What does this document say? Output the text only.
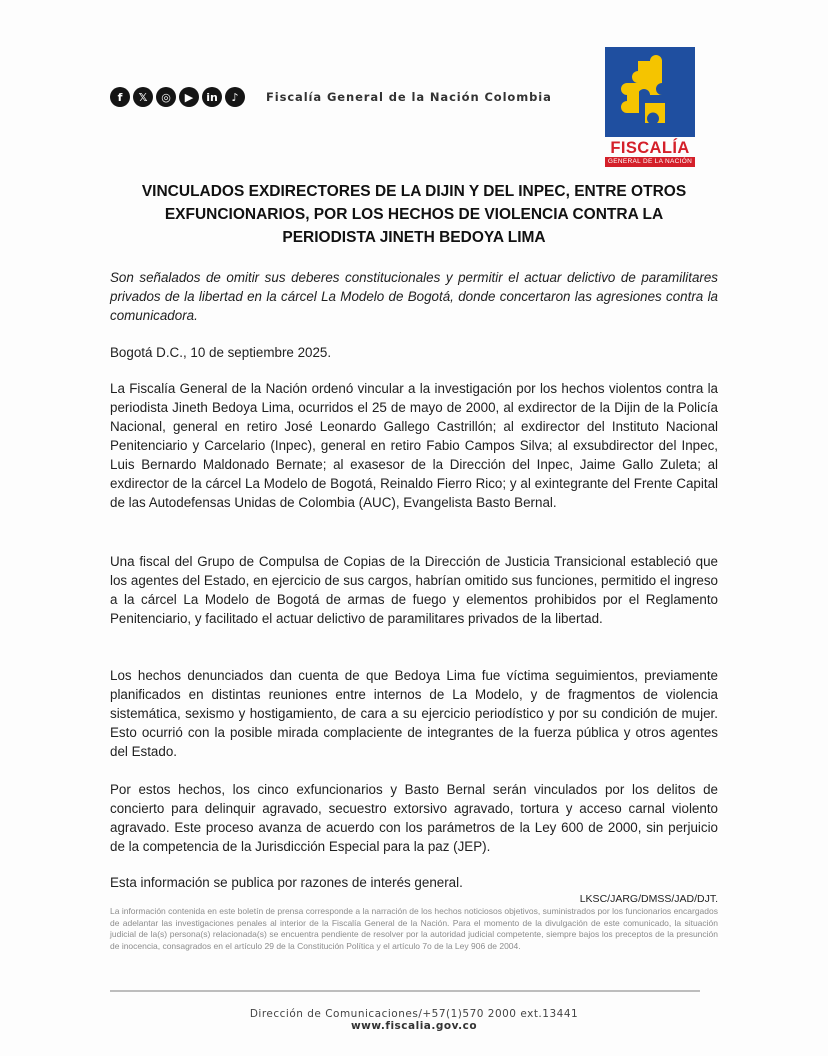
f	𝕏	◎	▶	in	♪	Fiscalía General de la Nación Colombia
FISCALÍA
GENERAL DE LA NACIÓN
VINCULADOS EXDIRECTORES DE LA DIJIN Y DEL INPEC, ENTRE OTROS
EXFUNCIONARIOS, POR LOS HECHOS DE VIOLENCIA CONTRA LA
PERIODISTA JINETH BEDOYA LIMA

Son señalados de omitir sus deberes constitucionales y permitir el actuar delictivo de paramilitares privados de la libertad en la cárcel La Modelo de Bogotá, donde concertaron las agresiones contra la comunicadora.

Bogotá D.C., 10 de septiembre 2025.

La Fiscalía General de la Nación ordenó vincular a la investigación por los hechos violentos contra la periodista Jineth Bedoya Lima, ocurridos el 25 de mayo de 2000, al exdirector de la Dijin de la Policía Nacional, general en retiro José Leonardo Gallego Castrillón; al exdirector del Instituto Nacional Penitenciario y Carcelario (Inpec), general en retiro Fabio Campos Silva; al exsubdirector del Inpec, Luis Bernardo Maldonado Bernate; al exasesor de la Dirección del Inpec, Jaime Gallo Zuleta; al exdirector de la cárcel La Modelo de Bogotá, Reinaldo Fierro Rico; y al exintegrante del Frente Capital de las Autodefensas Unidas de Colombia (AUC), Evangelista Basto Bernal.

Una fiscal del Grupo de Compulsa de Copias de la Dirección de Justicia Transicional estableció que los agentes del Estado, en ejercicio de sus cargos, habrían omitido sus funciones, permitido el ingreso a la cárcel La Modelo de Bogotá de armas de fuego y elementos prohibidos por el Reglamento Penitenciario, y facilitado el actuar delictivo de paramilitares privados de la libertad.

Los hechos denunciados dan cuenta de que Bedoya Lima fue víctima seguimientos, previamente planificados en distintas reuniones entre internos de La Modelo, y de fragmentos de violencia sistemática, sexismo y hostigamiento, de cara a su ejercicio periodístico y por su condición de mujer. Esto ocurrió con la posible mirada complaciente de integrantes de la fuerza pública y otros agentes del Estado.

Por estos hechos, los cinco exfuncionarios y Basto Bernal serán vinculados por los delitos de concierto para delinquir agravado, secuestro extorsivo agravado, tortura y acceso carnal violento agravado. Este proceso avanza de acuerdo con los parámetros de la Ley 600 de 2000, sin perjuicio de la competencia de la Jurisdicción Especial para la paz (JEP).

Esta información se publica por razones de interés general.

LKSC/JARG/DMSS/JAD/DJT.
La información contenida en este boletín de prensa corresponde a la narración de los hechos noticiosos objetivos, suministrados por los funcionarios encargados de adelantar las investigaciones penales al interior de la Fiscalía General de la Nación. Para el momento de la divulgación de este comunicado, la situación judicial de la(s) persona(s) relacionada(s) se encuentra pendiente de resolver por la autoridad judicial competente, siempre bajos los preceptos de la presunción de inocencia, consagrados en el artículo 29 de la Constitución Política y el artículo 7o de la Ley 906 de 2004.
Dirección de Comunicaciones/+57(1)570 2000 ext.13441
www.fiscalia.gov.co
